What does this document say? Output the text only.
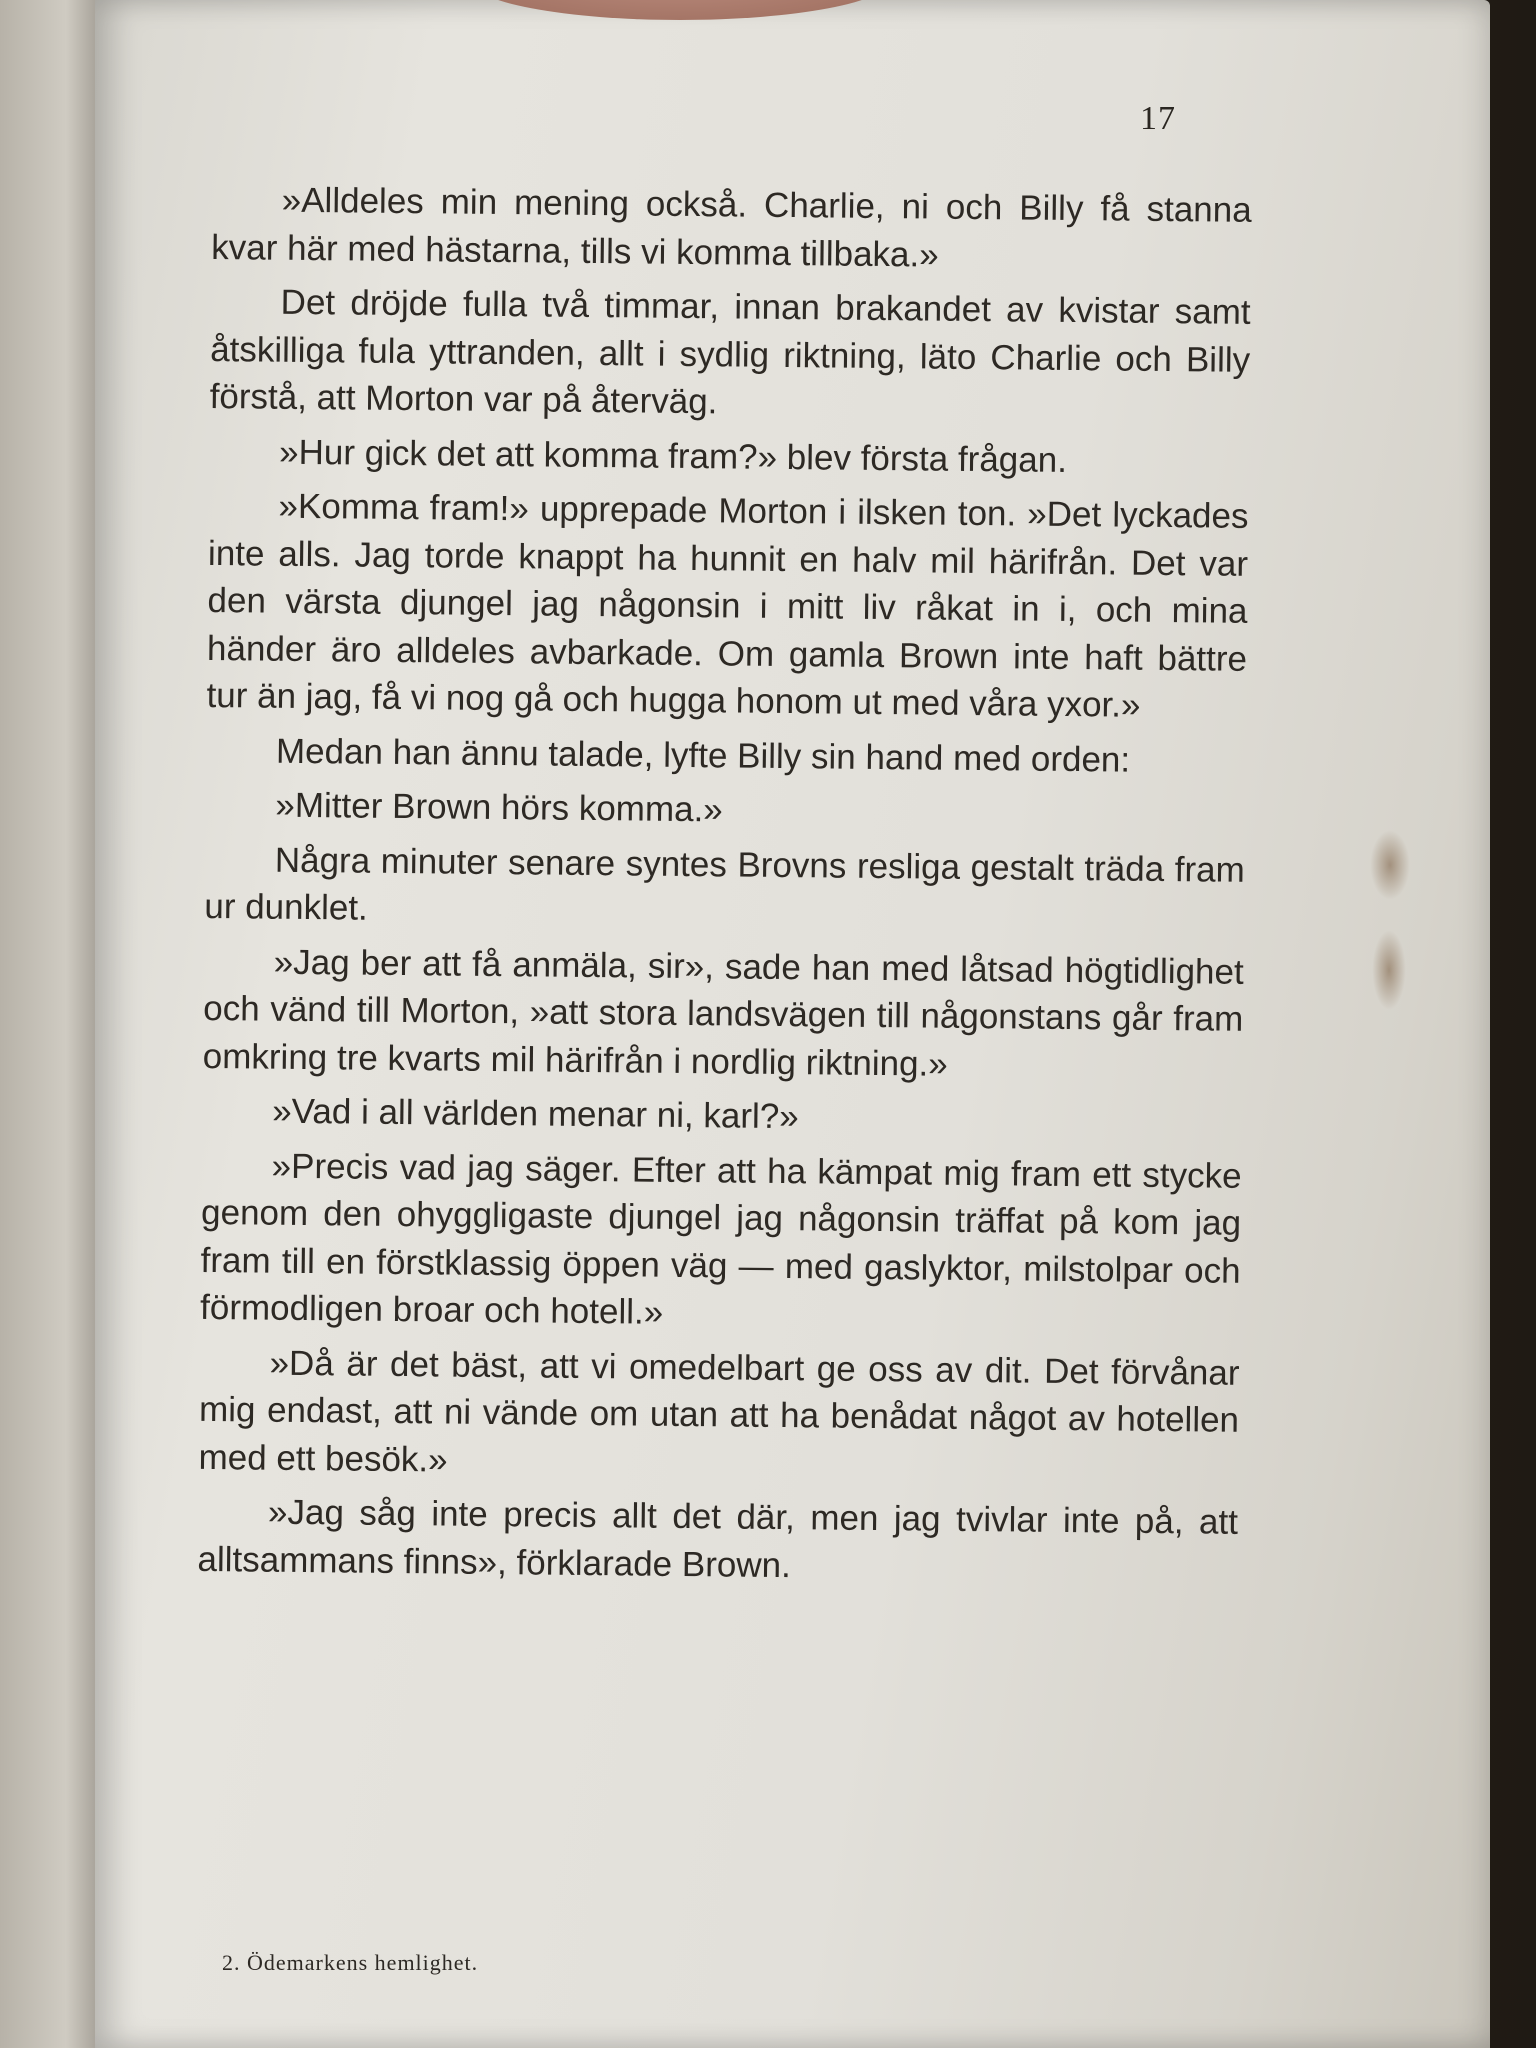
17

»Alldeles min mening också. Charlie, ni och Billy få stanna kvar här med hästarna, tills vi komma tillbaka.»

Det dröjde fulla två timmar, innan brakandet av kvistar samt åtskilliga fula yttranden, allt i sydlig riktning, läto Charlie och Billy förstå, att Morton var på återväg.

»Hur gick det att komma fram?» blev första frågan.

»Komma fram!» upprepade Morton i ilsken ton. »Det lyckades inte alls. Jag torde knappt ha hunnit en halv mil härifrån. Det var den värsta djungel jag någonsin i mitt liv råkat in i, och mina händer äro alldeles avbarkade. Om gamla Brown inte haft bättre tur än jag, få vi nog gå och hugga honom ut med våra yxor.»

Medan han ännu talade, lyfte Billy sin hand med orden:

»Mitter Brown hörs komma.»

Några minuter senare syntes Brovns resliga gestalt träda fram ur dunklet.

»Jag ber att få anmäla, sir», sade han med låtsad högtidlighet och vänd till Morton, »att stora landsvägen till någonstans går fram omkring tre kvarts mil härifrån i nordlig riktning.»

»Vad i all världen menar ni, karl?»

»Precis vad jag säger. Efter att ha kämpat mig fram ett stycke genom den ohyggligaste djungel jag någonsin träffat på kom jag fram till en förstklassig öppen väg — med gaslyktor, milstolpar och förmodligen broar och hotell.»

»Då är det bäst, att vi omedelbart ge oss av dit. Det förvånar mig endast, att ni vände om utan att ha benådat något av hotellen med ett besök.»

»Jag såg inte precis allt det där, men jag tvivlar inte på, att alltsammans finns», förklarade Brown.

2. Ödemarkens hemlighet.
